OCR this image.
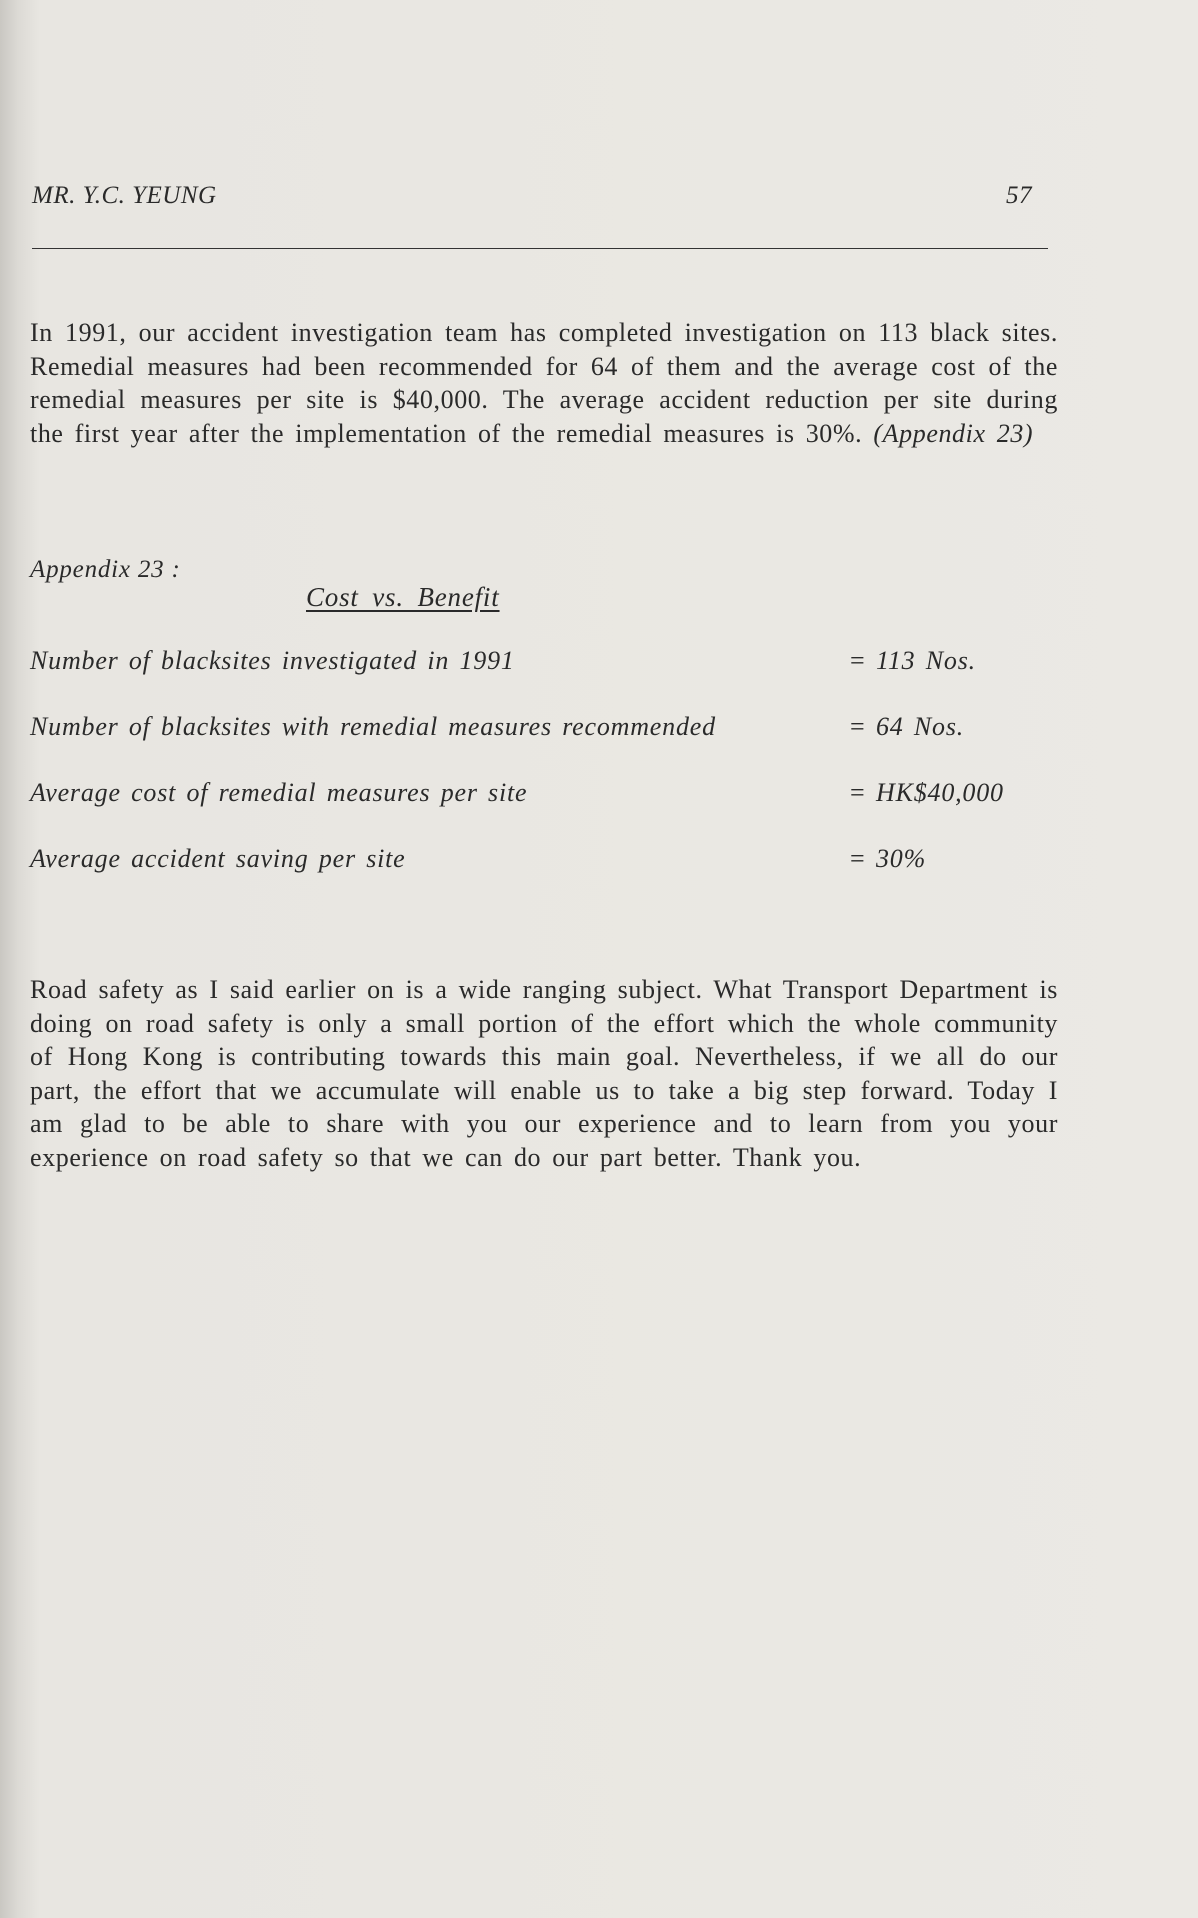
MR. Y.C. YEUNG	57
In 1991, our accident investigation team has completed investigation on 113 black sites. Remedial measures had been recommended for 64 of them and the average cost of the remedial measures per site is $40,000. The average accident reduction per site during the first year after the implementation of the remedial measures is 30%. (Appendix 23)
Appendix 23 :
Cost vs. Benefit
Number of blacksites investigated in 1991	= 113 Nos.
Number of blacksites with remedial measures recommended	= 64 Nos.
Average cost of remedial measures per site	= HK$40,000
Average accident saving per site	= 30%
Road safety as I said earlier on is a wide ranging subject. What Transport Department is doing on road safety is only a small portion of the effort which the whole community of Hong Kong is contributing towards this main goal. Nevertheless, if we all do our part, the effort that we accumulate will enable us to take a big step forward. Today I am glad to be able to share with you our experience and to learn from you your experience on road safety so that we can do our part better. Thank you.
